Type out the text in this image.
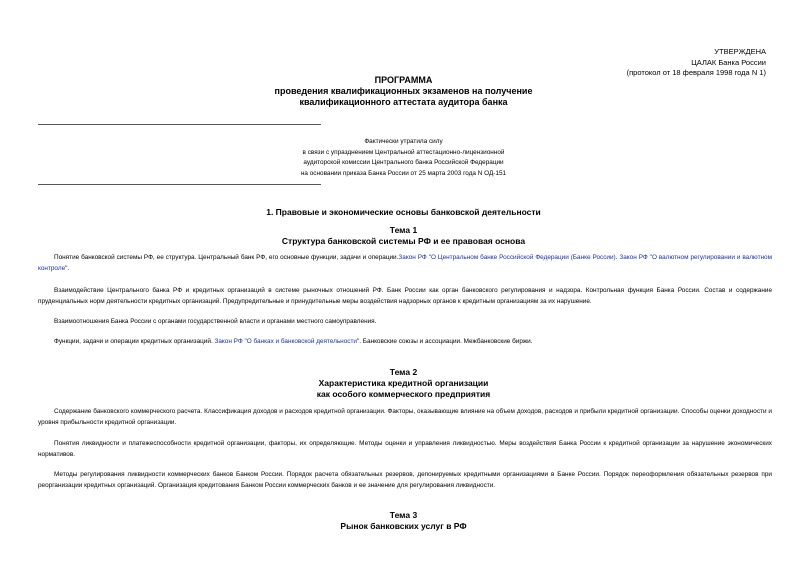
УТВЕРЖДЕНА
ЦАЛАК Банка России
(протокол от 18 февраля 1998 года N 1)
ПРОГРАММА
проведения квалификационных экзаменов на получение
квалификационного аттестата аудитора банка
Фактически утратила силу
в связи с упразднением Центральной аттестационно-лицензионной
аудиторской комиссии Центрального банка Российской Федерации
на основании приказа Банка России от 25 марта 2003 года N ОД-151
1. Правовые и экономические основы банковской деятельности
Тема 1
Структура банковской системы РФ и ее правовая основа
Понятие банковской системы РФ, ее структура. Центральный банк РФ, его основные функции, задачи и операции.Закон РФ "О Центральном банке Российской Федерации (Банке России). Закон РФ "О валютном регулировании и валютном контроле".
Взаимодействие Центрального банка РФ и кредитных организаций в системе рыночных отношений РФ. Банк России как орган банковского регулирования и надзора. Контрольная функция Банка России. Состав и содержание пруденциальных норм деятельности кредитных организаций. Предупредительные и принудительные меры воздействия надзорных органов к кредитным организациям за их нарушение.
Взаимоотношения Банка России с органами государственной власти и органами местного самоуправления.
Функции, задачи и операции кредитных организаций. Закон РФ "О банках и банковской деятельности". Банковские союзы и ассоциации. Межбанковские биржи.
Тема 2
Характеристика кредитной организации
как особого коммерческого предприятия
Содержание банковского коммерческого расчета. Классификация доходов и расходов кредитной организации. Факторы, оказывающие влияние на объем доходов, расходов и прибыли кредитной организации. Способы оценки доходности и уровня прибыльности кредитной организации.
Понятия ликвидности и платежеспособности кредитной организации, факторы, их определяющие. Методы оценки и управления ликвидностью. Меры воздействия Банка России к кредитной организации за нарушение экономических нормативов.
Методы регулирования ликвидности коммерческих банков Банком России. Порядок расчета обязательных резервов, депонируемых кредитными организациями в Банке России. Порядок переоформления обязательных резервов при реорганизации кредитных организаций. Организация кредитования Банком России коммерческих банков и ее значение для регулирования ликвидности.
Тема 3
Рынок банковских услуг в РФ
